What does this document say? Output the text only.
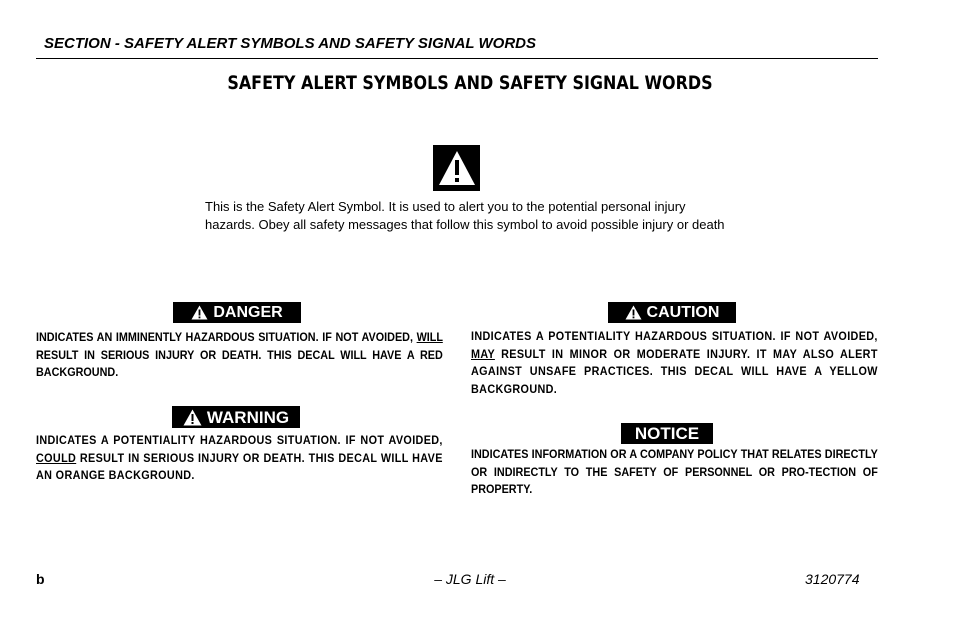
SECTION - SAFETY ALERT SYMBOLS AND SAFETY SIGNAL WORDS
SAFETY ALERT SYMBOLS AND SAFETY SIGNAL WORDS
This is the Safety Alert Symbol. It is used to alert you to the potential personal injury hazards. Obey all safety messages that follow this symbol to avoid possible injury or death
DANGER
INDICATES AN IMMINENTLY HAZARDOUS SITUATION. IF NOT AVOIDED, WILL RESULT IN SERIOUS INJURY OR DEATH. THIS DECAL WILL HAVE A RED BACKGROUND.
WARNING
INDICATES A POTENTIALITY HAZARDOUS SITUATION. IF NOT AVOIDED, COULD RESULT IN SERIOUS INJURY OR DEATH. THIS DECAL WILL HAVE AN ORANGE BACKGROUND.
CAUTION
INDICATES A POTENTIALITY HAZARDOUS SITUATION. IF NOT AVOIDED, MAY RESULT IN MINOR OR MODERATE INJURY. IT MAY ALSO ALERT AGAINST UNSAFE PRACTICES. THIS DECAL WILL HAVE A YELLOW BACKGROUND.
NOTICE
INDICATES INFORMATION OR A COMPANY POLICY THAT RELATES DIRECTLY OR INDIRECTLY TO THE SAFETY OF PERSONNEL OR PRO-TECTION OF PROPERTY.
b	– JLG Lift –	3120774
